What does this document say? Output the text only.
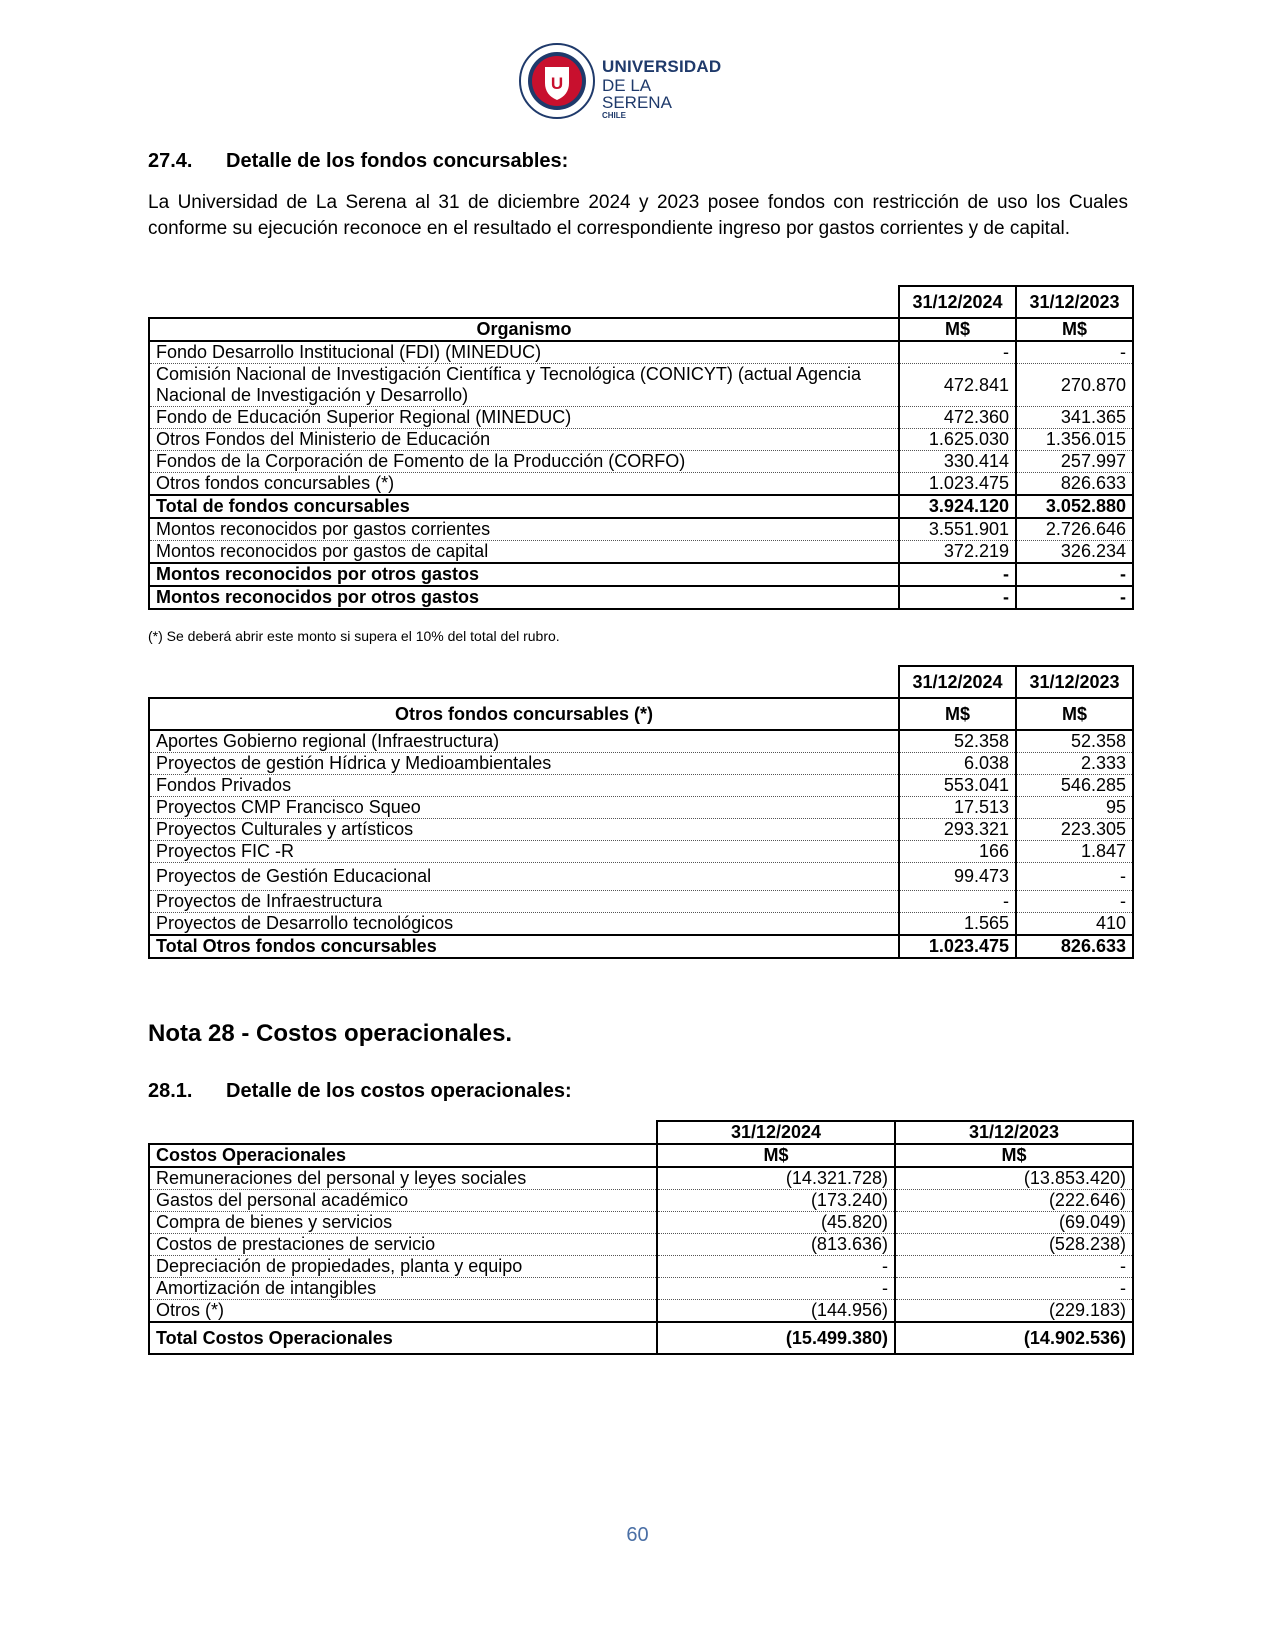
U
UNIVERSIDAD
DE LA SERENA
CHILE
27.4. Detalle de los fondos concursables:
La Universidad de La Serena al 31 de diciembre 2024 y 2023 posee fondos con restricción de uso los Cuales conforme su ejecución reconoce en el resultado el correspondiente ingreso por gastos corrientes y de capital.
	31/12/2024	31/12/2023
Organismo	M$	M$
Fondo Desarrollo Institucional (FDI) (MINEDUC)	-	-
Comisión Nacional de Investigación Científica y Tecnológica (CONICYT) (actual Agencia Nacional de Investigación y Desarrollo)	472.841	270.870
Fondo de Educación Superior Regional (MINEDUC)	472.360	341.365
Otros Fondos del Ministerio de Educación	1.625.030	1.356.015
Fondos de la Corporación de Fomento de la Producción (CORFO)	330.414	257.997
Otros fondos concursables (*)	1.023.475	826.633
Total de fondos concursables	3.924.120	3.052.880
Montos reconocidos por gastos corrientes	3.551.901	2.726.646
Montos reconocidos por gastos de capital	372.219	326.234
Montos reconocidos por otros gastos	-	-
Montos reconocidos por otros gastos	-	-
(*) Se deberá abrir este monto si supera el 10% del total del rubro.
	31/12/2024	31/12/2023
Otros fondos concursables (*)	M$	M$
Aportes Gobierno regional (Infraestructura)	52.358	52.358
Proyectos de gestión Hídrica y Medioambientales	6.038	2.333
Fondos Privados	553.041	546.285
Proyectos CMP Francisco Squeo	17.513	95
Proyectos Culturales y artísticos	293.321	223.305
Proyectos FIC -R	166	1.847
Proyectos de Gestión Educacional	99.473	-
Proyectos de Infraestructura	-	-
Proyectos de Desarrollo tecnológicos	1.565	410
Total Otros fondos concursables	1.023.475	826.633
Nota 28 - Costos operacionales.
28.1. Detalle de los costos operacionales:
	31/12/2024	31/12/2023
Costos Operacionales	M$	M$
Remuneraciones del personal y leyes sociales	(14.321.728)	(13.853.420)
Gastos del personal académico	(173.240)	(222.646)
Compra de bienes y servicios	(45.820)	(69.049)
Costos de prestaciones de servicio	(813.636)	(528.238)
Depreciación de propiedades, planta y equipo	-	-
Amortización de intangibles	-	-
Otros (*)	(144.956)	(229.183)
Total Costos Operacionales	(15.499.380)	(14.902.536)
60
